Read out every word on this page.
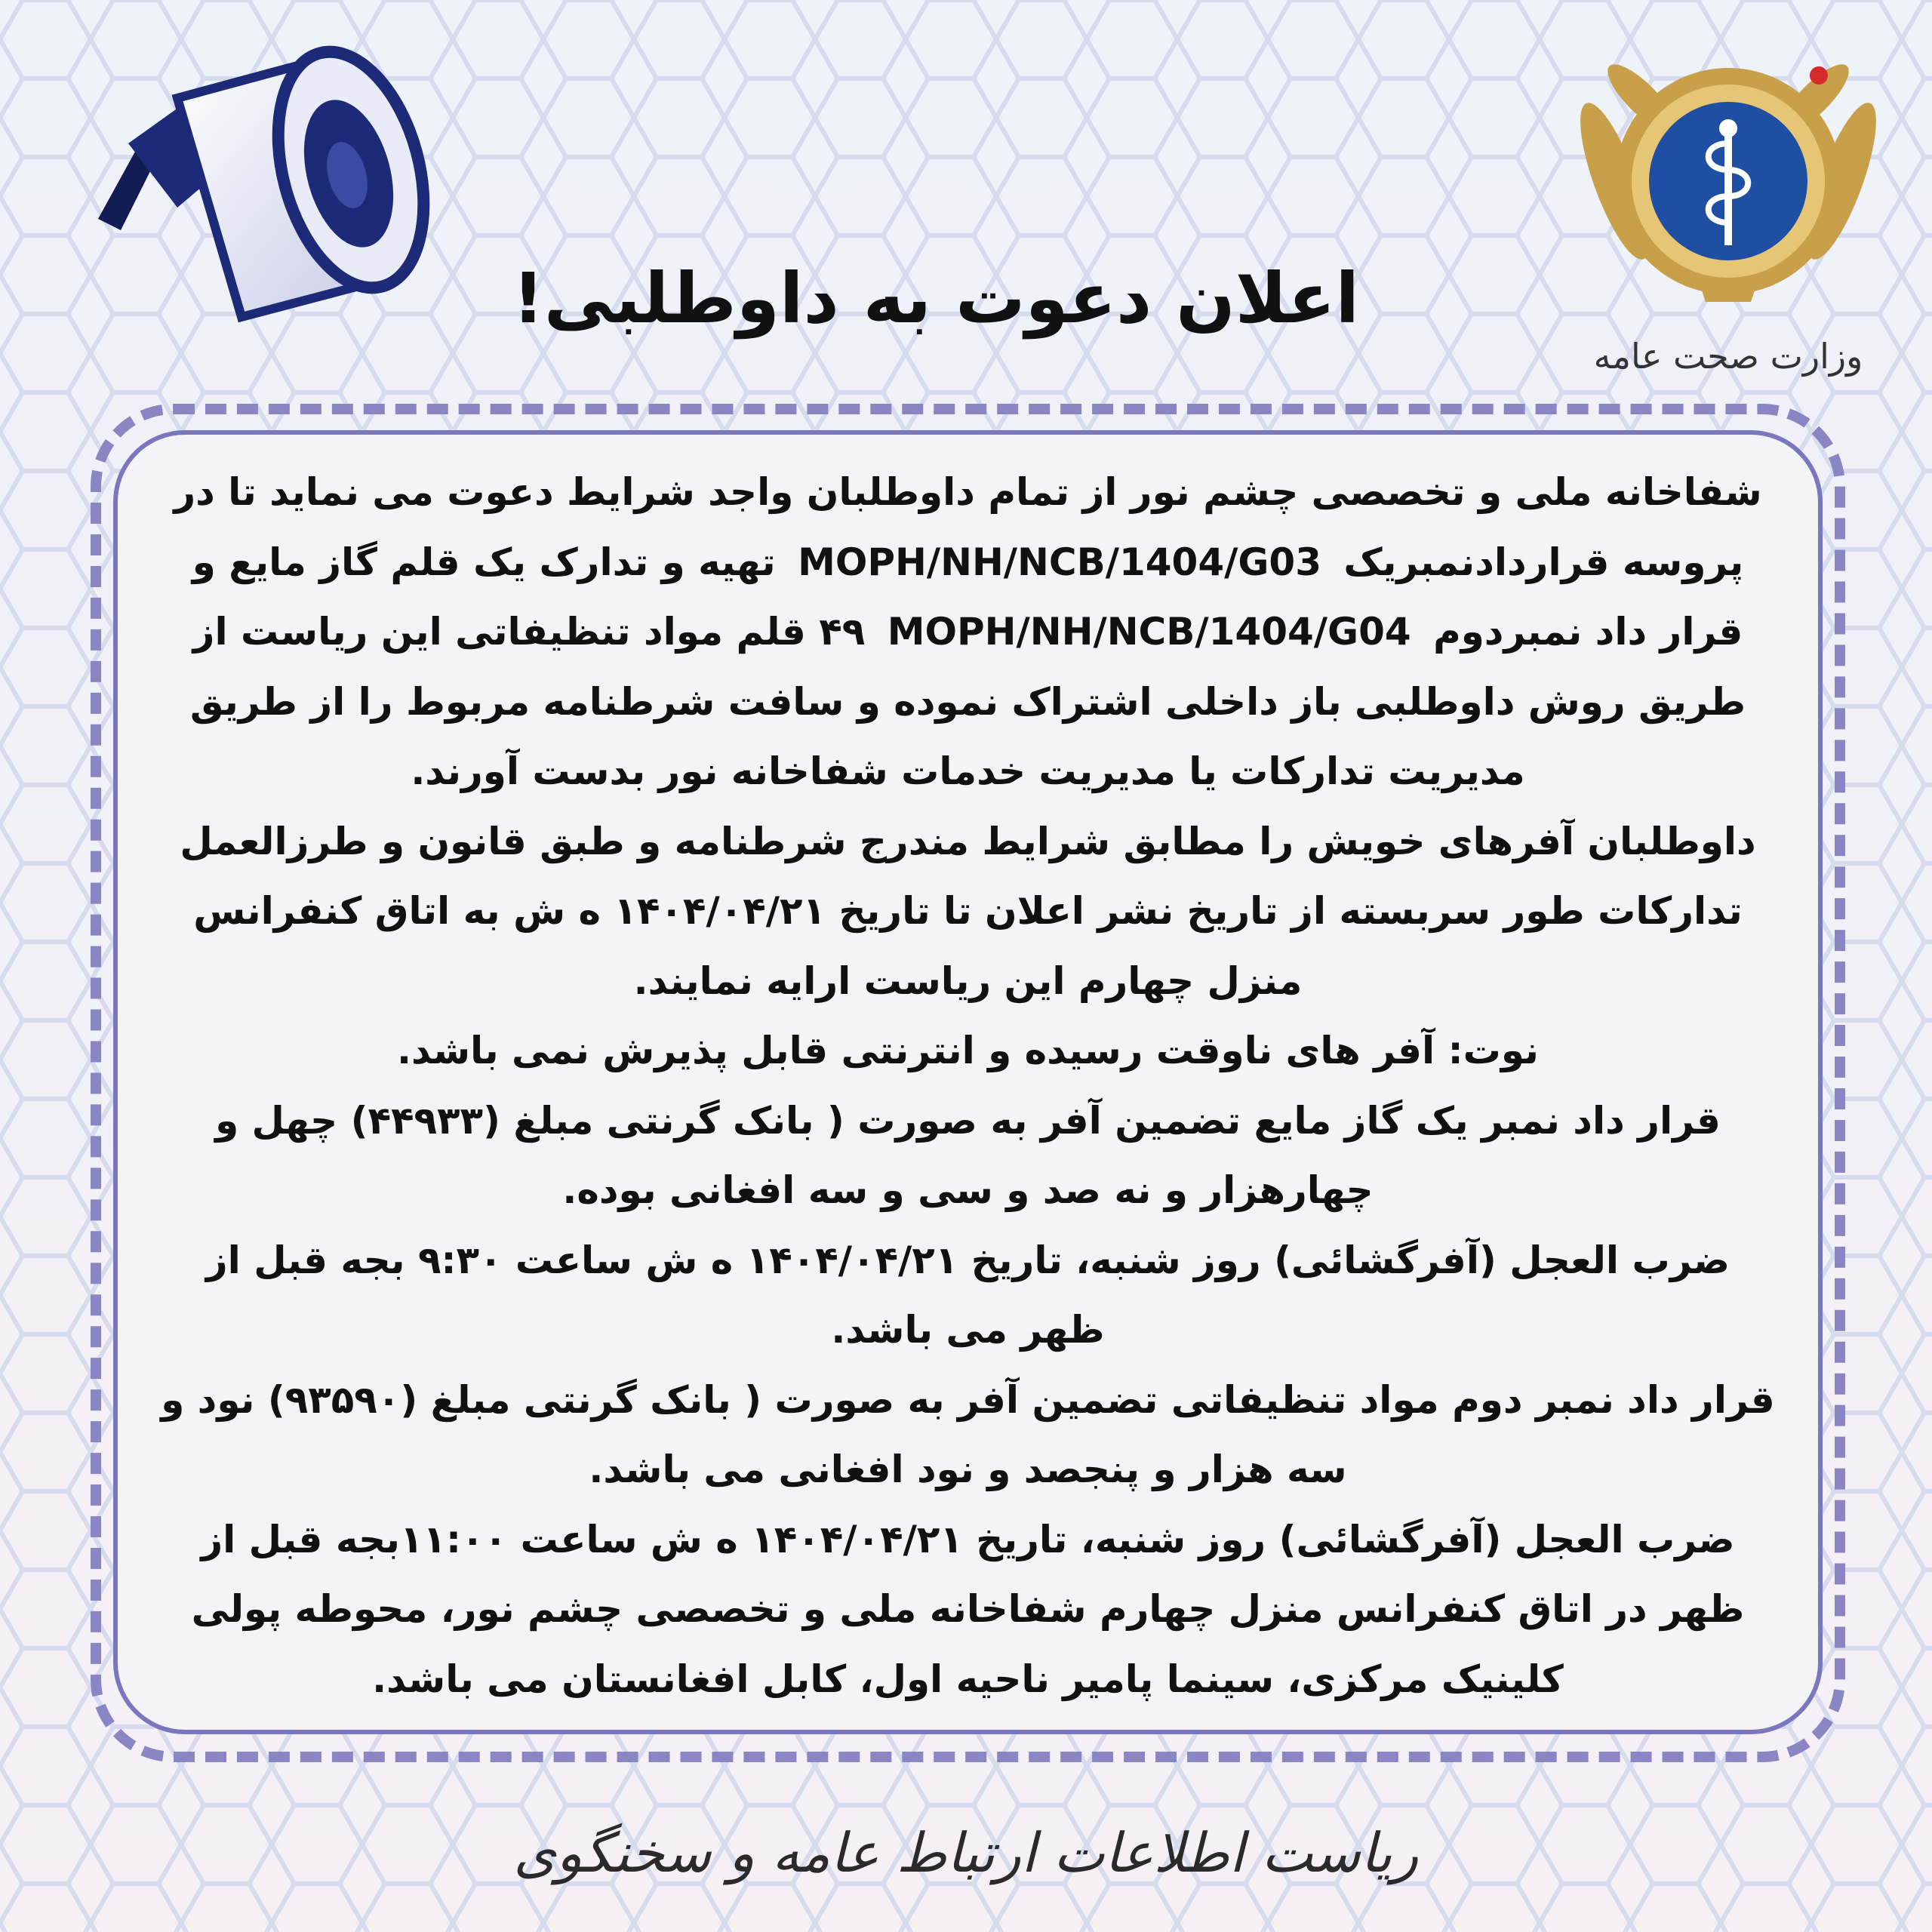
وزارت صحت عامه
اعلان دعوت به داوطلبی!

شفاخانه ملی و تخصصی چشم نور از تمام داوطلبان واجد شرایط دعوت می نماید تا در پروسه قراردادنمبریک MOPH/NH/NCB/1404/G03 تهیه و تدارک یک قلم گاز مایع و قرار داد نمبردوم MOPH/NH/NCB/1404/G04 ۴۹ قلم مواد تنظیفاتی این ریاست از طریق روش داوطلبی باز داخلی اشتراک نموده و سافت شرطنامه مربوط را از طریق مدیریت تدارکات یا مدیریت خدمات شفاخانه نور بدست آورند.

داوطلبان آفرهای خویش را مطابق شرایط مندرج شرطنامه و طبق قانون و طرزالعمل تدارکات طور سربسته از تاریخ نشر اعلان تا تاریخ ۱۴۰۴/۰۴/۲۱ ه ش به اتاق کنفرانس منزل چهارم این ریاست ارایه نمایند.

نوت: آفر های ناوقت رسیده و انترنتی قابل پذیرش نمی باشد.

قرار داد نمبر یک گاز مایع تضمین آفر به صورت ( بانک گرنتی مبلغ (۴۴۹۳۳) چهل و چهارهزار و نه صد و سی و سه افغانی بوده.

ضرب العجل (آفرگشائی) روز شنبه، تاریخ ۱۴۰۴/۰۴/۲۱ ه ش ساعت ۹:۳۰ بجه قبل از ظهر می باشد.

قرار داد نمبر دوم مواد تنظیفاتی تضمین آفر به صورت ( بانک گرنتی مبلغ (۹۳۵۹۰) نود و سه هزار و پنجصد و نود افغانی می باشد.

ضرب العجل (آفرگشائی) روز شنبه، تاریخ ۱۴۰۴/۰۴/۲۱ ه ش ساعت ۱۱:۰۰بجه قبل از ظهر در اتاق کنفرانس منزل چهارم شفاخانه ملی و تخصصی چشم نور، محوطه پولی کلینیک مرکزی، سینما پامیر ناحیه اول، کابل افغانستان می باشد.

ریاست اطلاعات ارتباط عامه و سخنگوی
